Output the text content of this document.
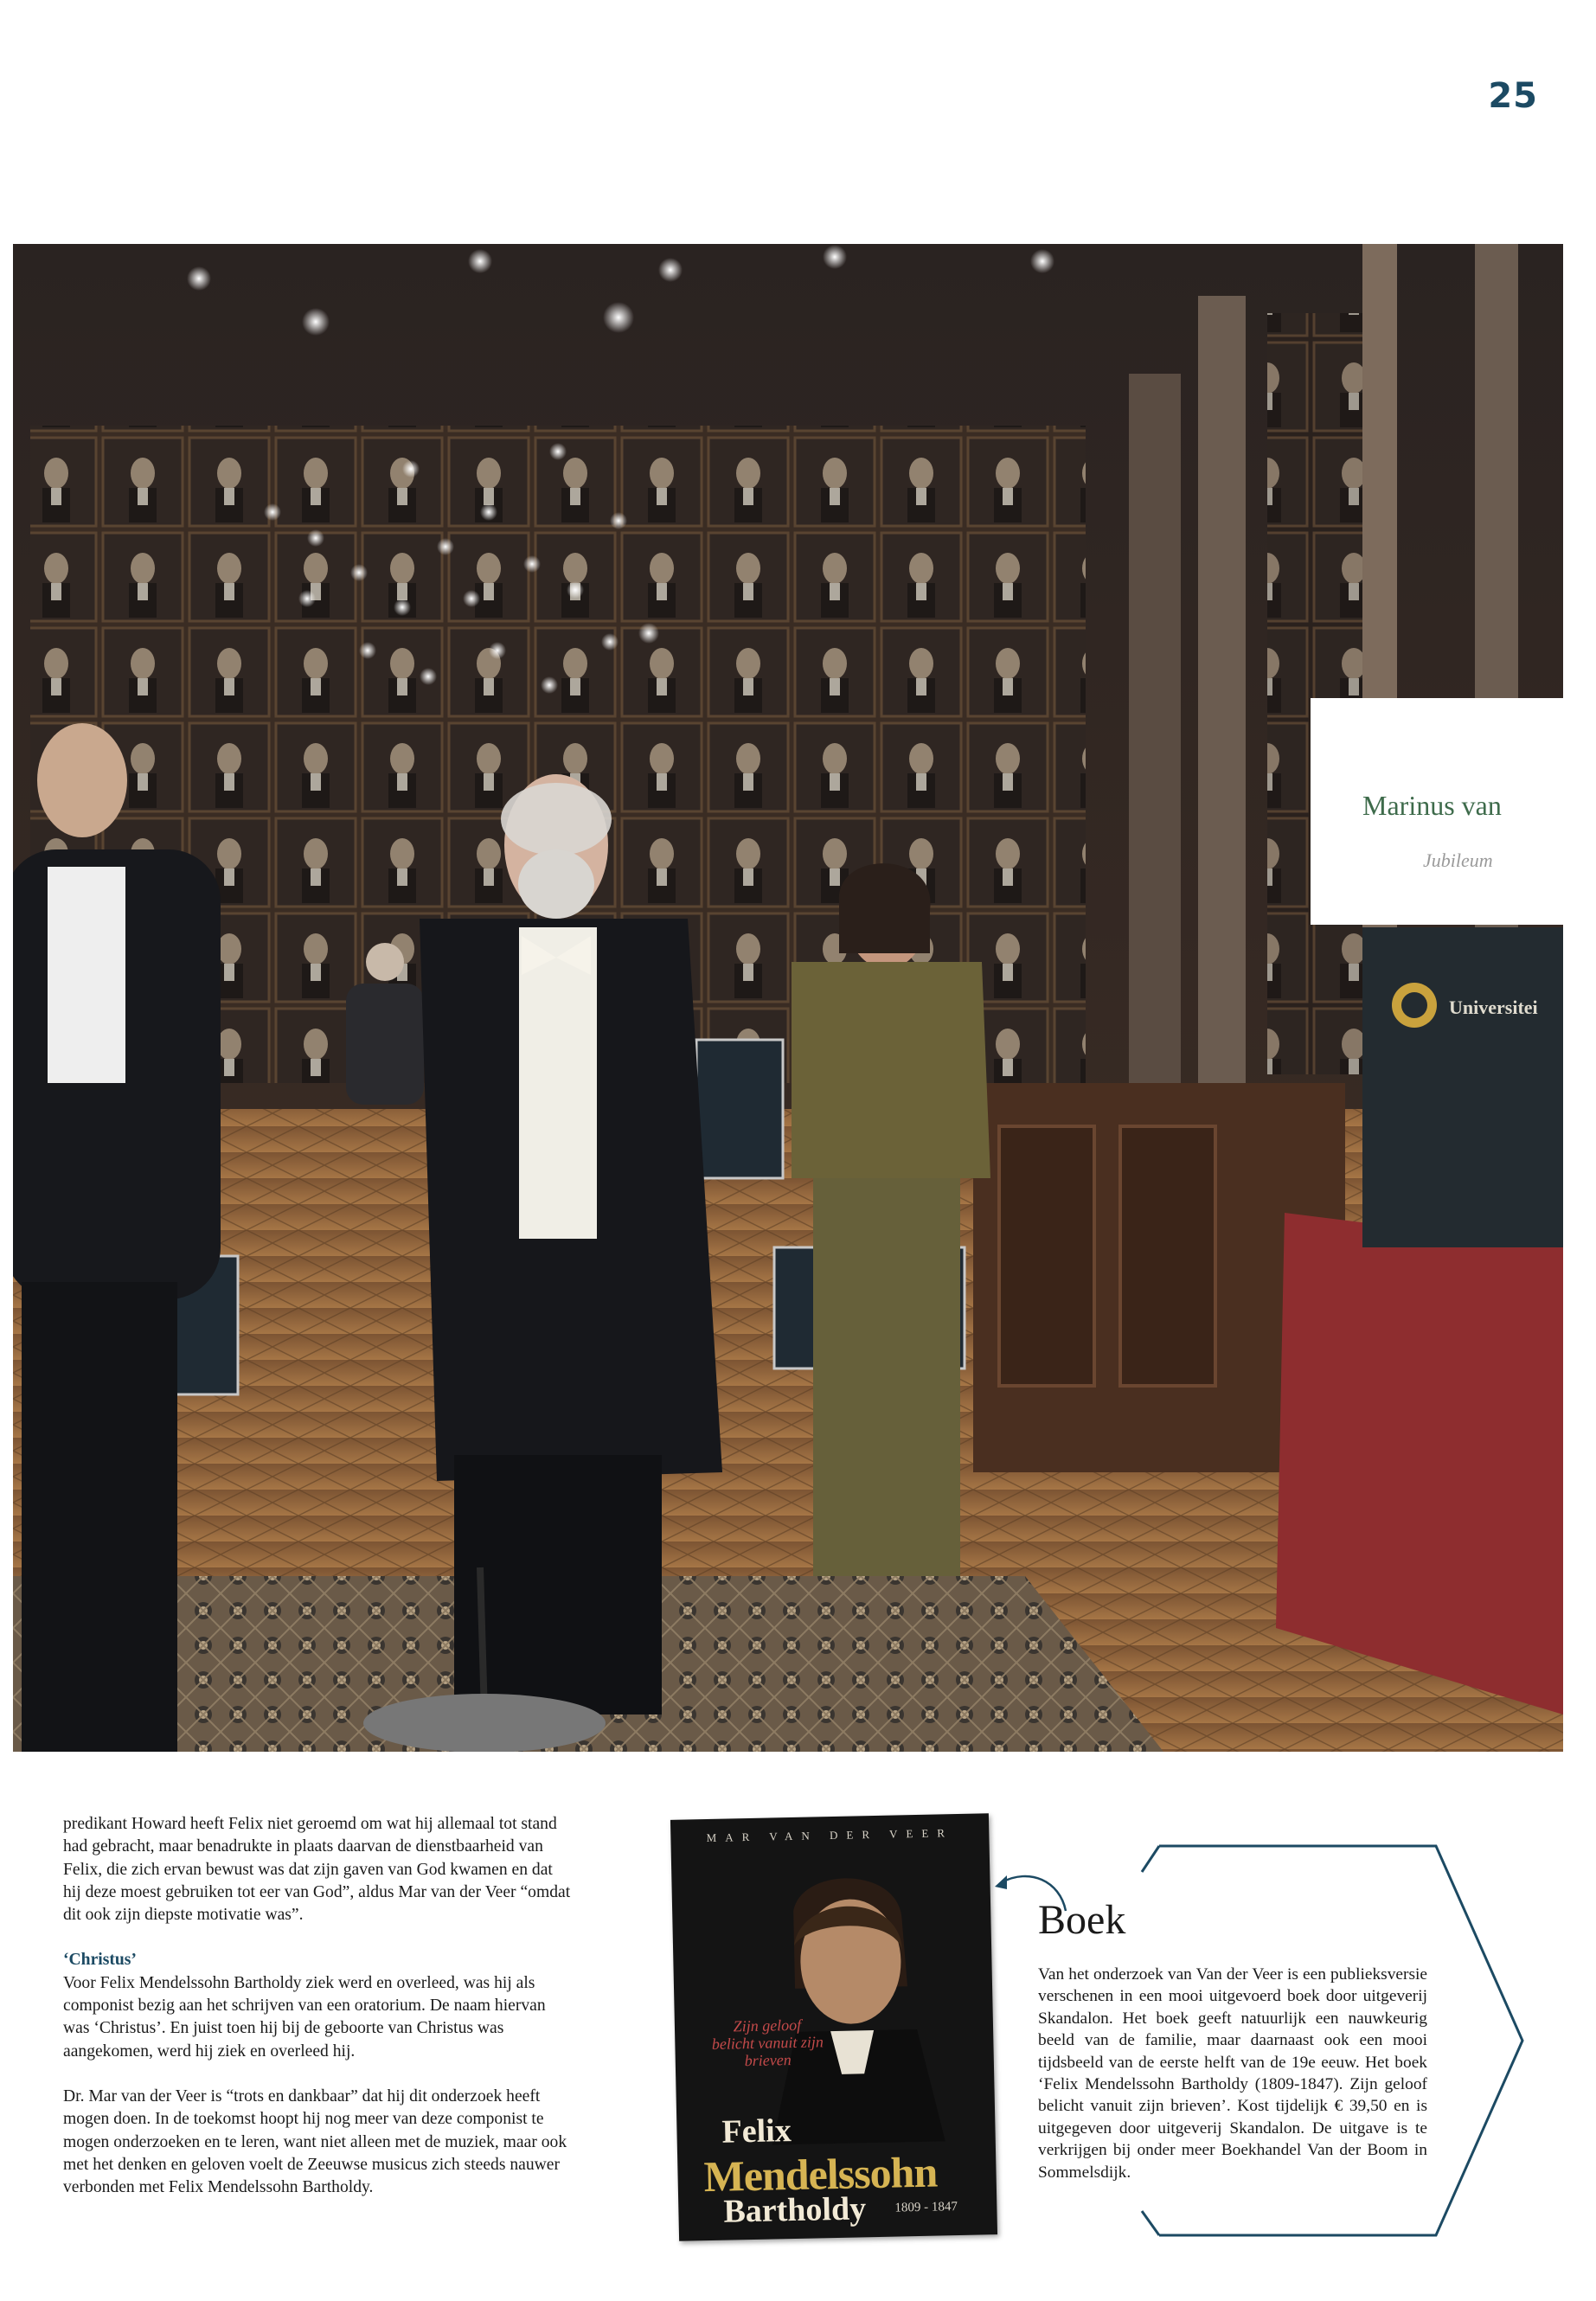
25
Marinus van
Jubileum
Universitei

predikant Howard heeft Felix niet geroemd om wat hij allemaal tot stand had gebracht, maar benadrukte in plaats daarvan de dienstbaarheid van Felix, die zich ervan bewust was dat zijn gaven van God kwamen en dat hij deze moest gebruiken tot eer van God”, aldus Mar van der Veer “omdat dit ook zijn diepste motivatie was”.

‘Christus’
Voor Felix Mendelssohn Bartholdy ziek werd en overleed, was hij als componist bezig aan het schrijven van een oratorium. De naam hiervan was ‘Christus’. En juist toen hij bij de geboorte van Christus was aangekomen, werd hij ziek en overleed hij.

Dr. Mar van der Veer is “trots en dankbaar” dat hij dit onderzoek heeft mogen doen. In de toekomst hoopt hij nog meer van deze componist te mogen onderzoeken en te leren, want niet alleen met de muziek, maar ook met het denken en geloven voelt de Zeeuwse musicus zich steeds nauwer verbonden met Felix Mendelssohn Bartholdy.

MAR VAN DER VEER
Zijn geloof belicht vanuit zijn brieven
Felix
Mendelssohn
Bartholdy 1809 - 1847
Boek
Van het onderzoek van Van der Veer is een publieksversie verschenen in een mooi uitgevoerd boek door uitgeverij Skandalon. Het boek geeft natuurlijk een nauwkeurig beeld van de familie, maar daarnaast ook een mooi tijdsbeeld van de eerste helft van de 19e eeuw. Het boek ‘Felix Mendelssohn Bartholdy (1809-1847). Zijn geloof belicht vanuit zijn brieven’. Kost tijdelijk € 39,50 en is uitgegeven door uitgeverij Skandalon. De uitgave is te verkrijgen bij onder meer Boekhandel Van der Boom in Sommelsdijk.
